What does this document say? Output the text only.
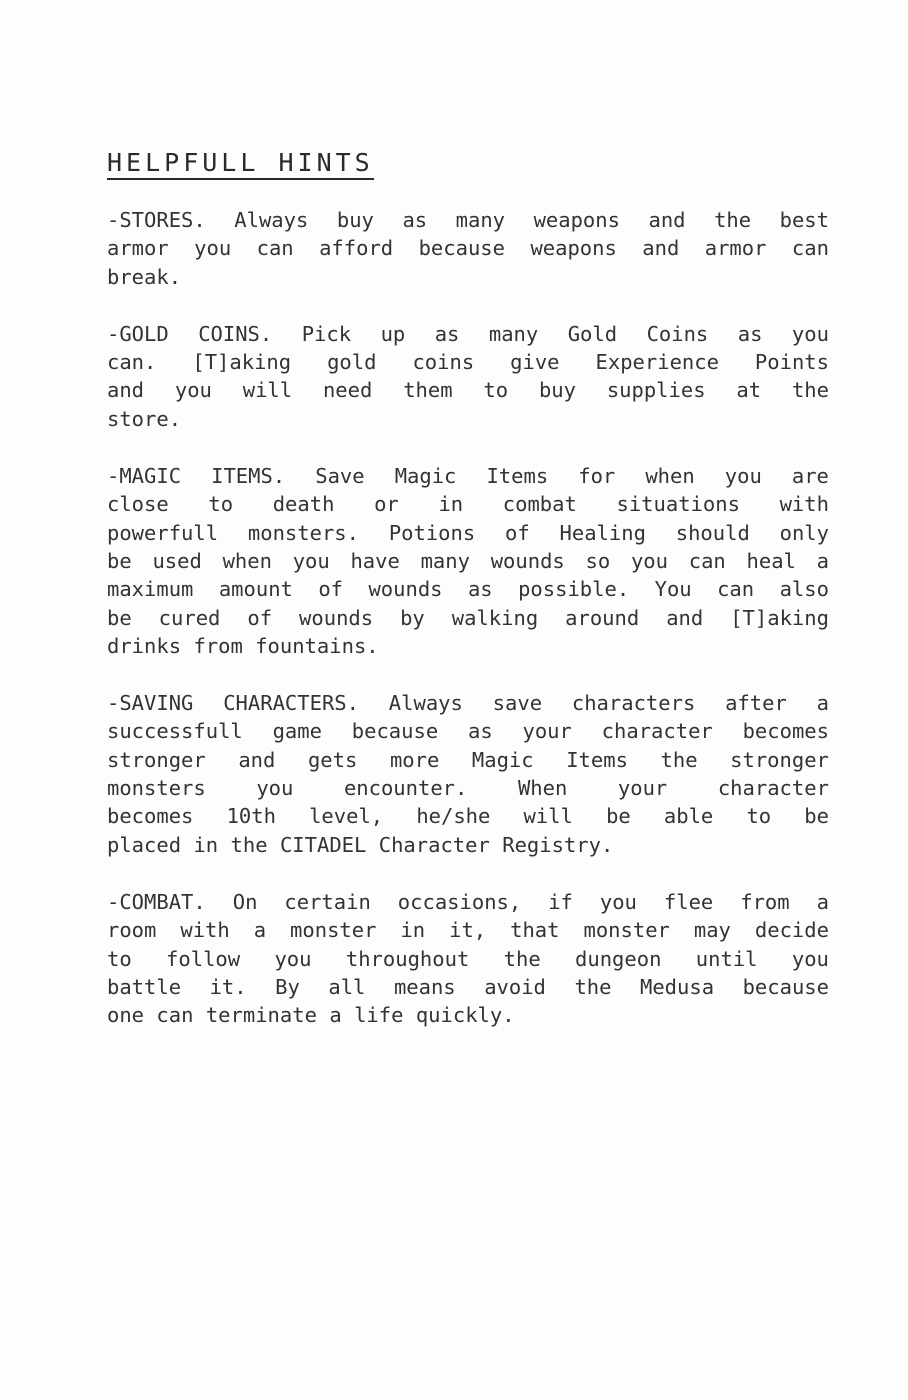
HELPFULL HINTS
-STORES. Always buy as many weapons and the best
armor you can afford because weapons and armor can
break.
-GOLD COINS. Pick up as many Gold Coins as you
can. [T]aking gold coins give Experience Points
and you will need them to buy supplies at the
store.
-MAGIC ITEMS. Save Magic Items for when you are
close to death or in combat situations with
powerfull monsters. Potions of Healing should only
be used when you have many wounds so you can heal a
maximum amount of wounds as possible. You can also
be cured of wounds by walking around and [T]aking
drinks from fountains.
-SAVING CHARACTERS. Always save characters after a
successfull game because as your character becomes
stronger and gets more Magic Items the stronger
monsters you encounter. When your character
becomes 10th level, he/she will be able to be
placed in the CITADEL Character Registry.
-COMBAT. On certain occasions, if you flee from a
room with a monster in it, that monster may decide
to follow you throughout the dungeon until you
battle it. By all means avoid the Medusa because
one can terminate a life quickly.
